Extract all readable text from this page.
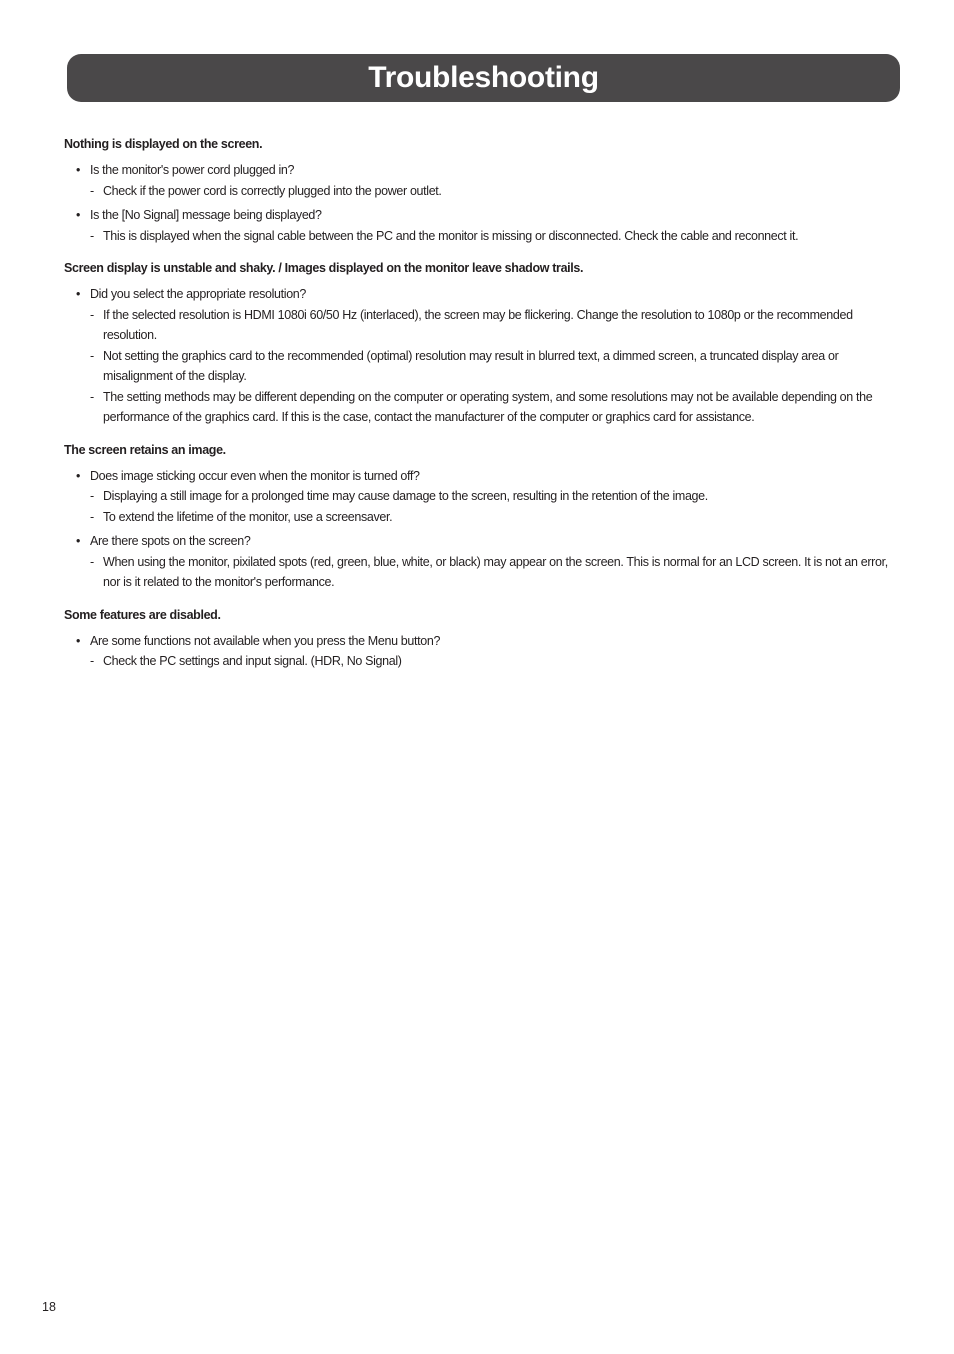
Troubleshooting

Nothing is displayed on the screen.

• Is the monitor's power cord plugged in?

- Check if the power cord is correctly plugged into the power outlet.

• Is the [No Signal] message being displayed?

- This is displayed when the signal cable between the PC and the monitor is missing or disconnected. Check the cable and reconnect it.

Screen display is unstable and shaky. / Images displayed on the monitor leave shadow trails.

• Did you select the appropriate resolution?

- If the selected resolution is HDMI 1080i 60/50 Hz (interlaced), the screen may be flickering. Change the resolution to 1080p or the recommended resolution.

- Not setting the graphics card to the recommended (optimal) resolution may result in blurred text, a dimmed screen, a truncated display area or misalignment of the display.

- The setting methods may be different depending on the computer or operating system, and some resolutions may not be available depending on the performance of the graphics card. If this is the case, contact the manufacturer of the computer or graphics card for assistance.

The screen retains an image.

• Does image sticking occur even when the monitor is turned off?

- Displaying a still image for a prolonged time may cause damage to the screen, resulting in the retention of the image.

- To extend the lifetime of the monitor, use a screensaver.

• Are there spots on the screen?

- When using the monitor, pixilated spots (red, green, blue, white, or black) may appear on the screen. This is normal for an LCD screen. It is not an error, nor is it related to the monitor's performance.

Some features are disabled.

• Are some functions not available when you press the Menu button?

- Check the PC settings and input signal. (HDR, No Signal)

18
